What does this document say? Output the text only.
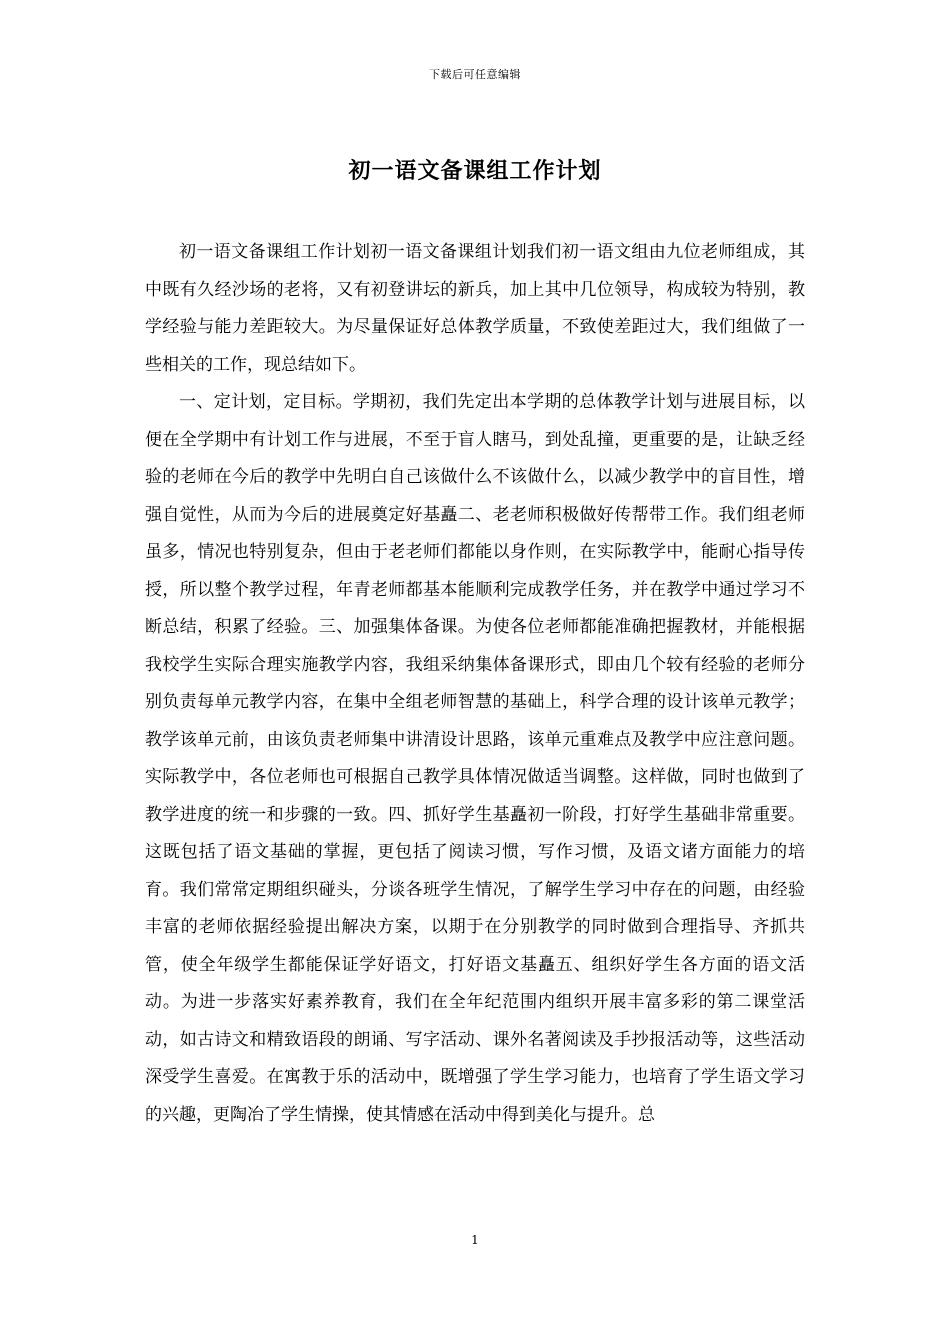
下载后可任意编辑
初一语文备课组工作计划

初一语文备课组工作计划初一语文备课组计划我们初一语文组由九位老师组成，其中既有久经沙场的老将，又有初登讲坛的新兵，加上其中几位领导，构成较为特别，教学经验与能力差距较大。为尽量保证好总体教学质量，不致使差距过大，我们组做了一些相关的工作，现总结如下。

一、定计划，定目标。学期初，我们先定出本学期的总体教学计划与进展目标，以便在全学期中有计划工作与进展，不至于盲人瞎马，到处乱撞，更重要的是，让缺乏经验的老师在今后的教学中先明白自己该做什么不该做什么，以减少教学中的盲目性，增强自觉性，从而为今后的进展奠定好基矗二、老老师积极做好传帮带工作。我们组老师虽多，情况也特别复杂，但由于老老师们都能以身作则，在实际教学中，能耐心指导传授，所以整个教学过程，年青老师都基本能顺利完成教学任务，并在教学中通过学习不断总结，积累了经验。三、加强集体备课。为使各位老师都能准确把握教材，并能根据我校学生实际合理实施教学内容，我组采纳集体备课形式，即由几个较有经验的老师分别负责每单元教学内容，在集中全组老师智慧的基础上，科学合理的设计该单元教学；教学该单元前，由该负责老师集中讲清设计思路，该单元重难点及教学中应注意问题。实际教学中，各位老师也可根据自己教学具体情况做适当调整。这样做，同时也做到了教学进度的统一和步骤的一致。四、抓好学生基矗初一阶段，打好学生基础非常重要。这既包括了语文基础的掌握，更包括了阅读习惯，写作习惯，及语文诸方面能力的培育。我们常常定期组织碰头，分谈各班学生情况，了解学生学习中存在的问题，由经验丰富的老师依据经验提出解决方案，以期于在分别教学的同时做到合理指导、齐抓共管，使全年级学生都能保证学好语文，打好语文基矗五、组织好学生各方面的语文活动。为进一步落实好素养教育，我们在全年纪范围内组织开展丰富多彩的第二课堂活动，如古诗文和精致语段的朗诵、写字活动、课外名著阅读及手抄报活动等，这些活动深受学生喜爱。在寓教于乐的活动中，既增强了学生学习能力，也培育了学生语文学习的兴趣，更陶冶了学生情操，使其情感在活动中得到美化与提升。总

1
